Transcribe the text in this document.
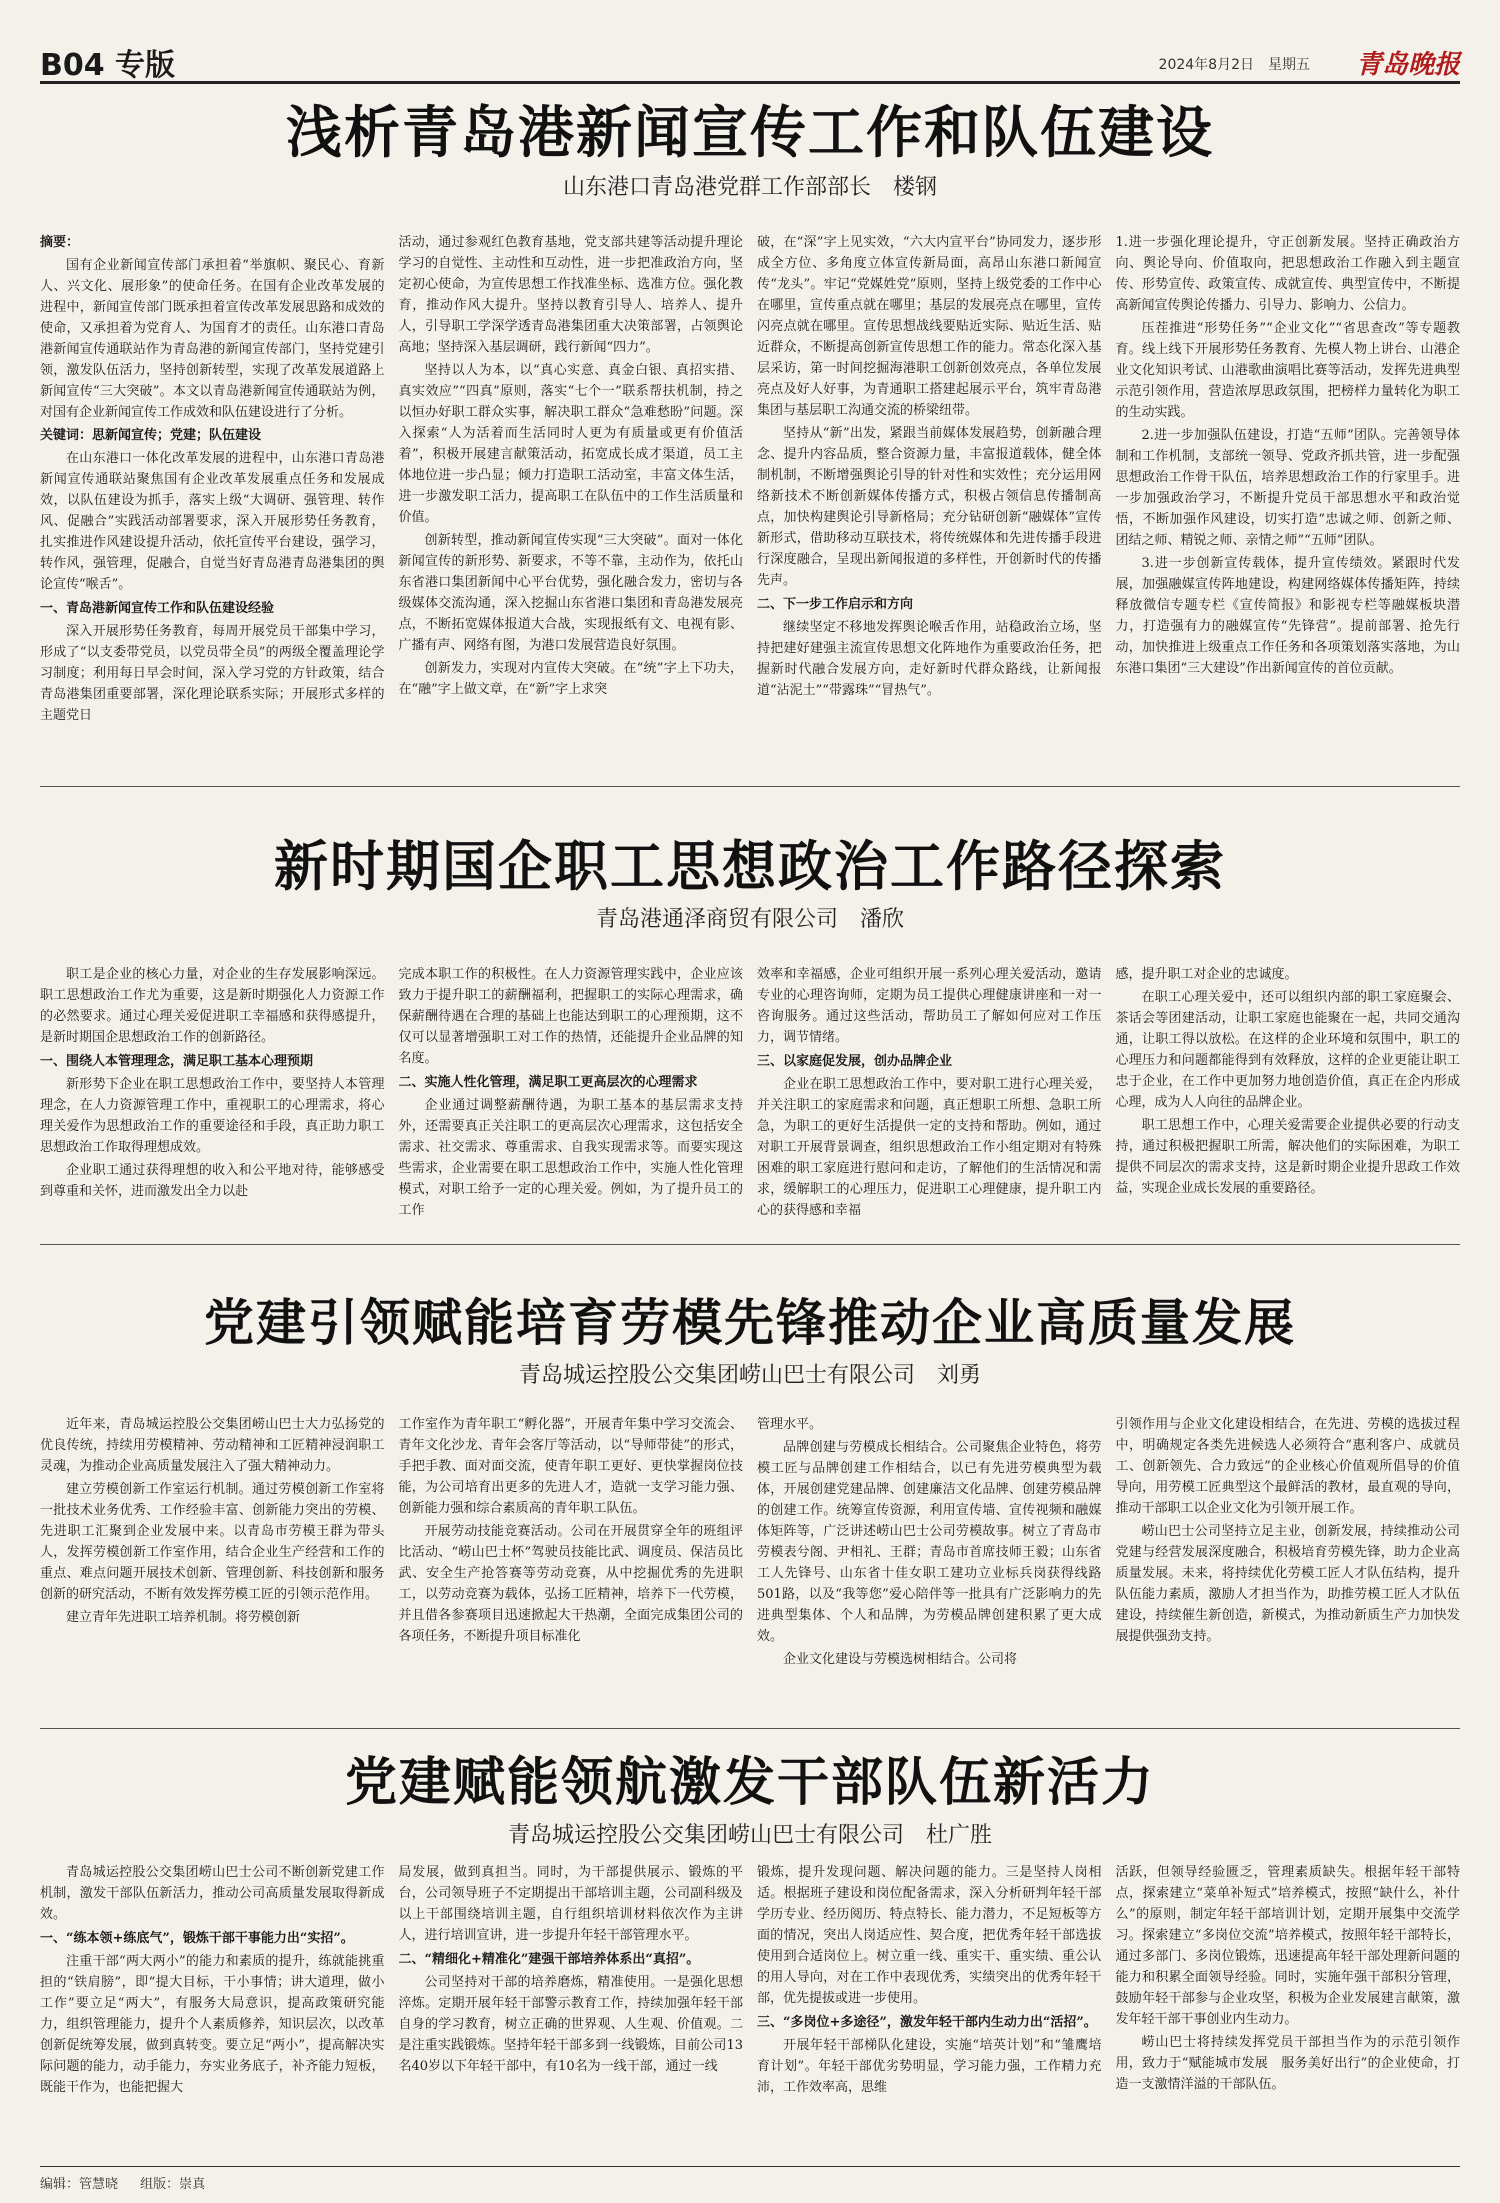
B04 专版	2024年8月2日　星期五 青岛晚报
浅析青岛港新闻宣传工作和队伍建设
山东港口青岛港党群工作部部长　楼钢

摘要：

国有企业新闻宣传部门承担着“举旗帜、聚民心、育新人、兴文化、展形象”的使命任务。在国有企业改革发展的进程中，新闻宣传部门既承担着宣传改革发展思路和成效的使命，又承担着为党育人、为国育才的责任。山东港口青岛港新闻宣传通联站作为青岛港的新闻宣传部门，坚持党建引领，激发队伍活力，坚持创新转型，实现了改革发展道路上新闻宣传“三大突破”。本文以青岛港新闻宣传通联站为例，对国有企业新闻宣传工作成效和队伍建设进行了分析。

关键词：思新闻宣传；党建；队伍建设

在山东港口一体化改革发展的进程中，山东港口青岛港新闻宣传通联站聚焦国有企业改革发展重点任务和发展成效，以队伍建设为抓手，落实上级“大调研、强管理、转作风、促融合”实践活动部署要求，深入开展形势任务教育，扎实推进作风建设提升活动，依托宣传平台建设，强学习，转作风，强管理，促融合，自觉当好青岛港青岛港集团的舆论宣传“喉舌”。

一、青岛港新闻宣传工作和队伍建设经验

深入开展形势任务教育，每周开展党员干部集中学习，形成了“以支委带党员，以党员带全员”的两级全覆盖理论学习制度；利用每日早会时间，深入学习党的方针政策，结合青岛港集团重要部署，深化理论联系实际；开展形式多样的主题党日

活动，通过参观红色教育基地，党支部共建等活动提升理论学习的自觉性、主动性和互动性，进一步把准政治方向，坚定初心使命，为宣传思想工作找准坐标、选准方位。强化教育，推动作风大提升。坚持以教育引导人、培养人、提升人，引导职工学深学透青岛港集团重大决策部署，占领舆论高地；坚持深入基层调研，践行新闻“四力”。

坚持以人为本，以“真心实意、真金白银、真招实措、真实效应”“四真”原则，落实“七个一”联系帮扶机制，持之以恒办好职工群众实事，解决职工群众“急难愁盼”问题。深入探索“人为活着而生活同时人更为有质量或更有价值活着”，积极开展建言献策活动，拓宽成长成才渠道，员工主体地位进一步凸显；倾力打造职工活动室，丰富文体生活，进一步激发职工活力，提高职工在队伍中的工作生活质量和价值。

创新转型，推动新闻宣传实现“三大突破”。面对一体化新闻宣传的新形势、新要求，不等不靠，主动作为，依托山东省港口集团新闻中心平台优势，强化融合发力，密切与各级媒体交流沟通，深入挖掘山东省港口集团和青岛港发展亮点，不断拓宽媒体报道大合战，实现报纸有文、电视有影、广播有声、网络有图，为港口发展营造良好氛围。

创新发力，实现对内宣传大突破。在“统”字上下功夫，在“融”字上做文章，在“新”字上求突

破，在“深”字上见实效，“六大内宣平台”协同发力，逐步形成全方位、多角度立体宣传新局面，高昂山东港口新闻宣传“龙头”。牢记“党媒姓党”原则，坚持上级党委的工作中心在哪里，宣传重点就在哪里；基层的发展亮点在哪里，宣传闪亮点就在哪里。宣传思想战线要贴近实际、贴近生活、贴近群众，不断提高创新宣传思想工作的能力。常态化深入基层采访，第一时间挖掘海港职工创新创效亮点，各单位发展亮点及好人好事，为青通职工搭建起展示平台，筑牢青岛港集团与基层职工沟通交流的桥梁纽带。

坚持从“新”出发，紧跟当前媒体发展趋势，创新融合理念、提升内容品质，整合资源力量，丰富报道载体，健全体制机制，不断增强舆论引导的针对性和实效性；充分运用网络新技术不断创新媒体传播方式，积极占领信息传播制高点，加快构建舆论引导新格局；充分钻研创新“融媒体”宣传新形式，借助移动互联技术，将传统媒体和先进传播手段进行深度融合，呈现出新闻报道的多样性，开创新时代的传播先声。

二、下一步工作启示和方向

继续坚定不移地发挥舆论喉舌作用，站稳政治立场，坚持把建好建强主流宣传思想文化阵地作为重要政治任务，把握新时代融合发展方向，走好新时代群众路线，让新闻报道“沾泥土”“带露珠”“冒热气”。

1.进一步强化理论提升，守正创新发展。坚持正确政治方向、舆论导向、价值取向，把思想政治工作融入到主题宣传、形势宣传、政策宣传、成就宣传、典型宣传中，不断提高新闻宣传舆论传播力、引导力、影响力、公信力。

压茬推进“形势任务”“企业文化”“省思查改”等专题教育。线上线下开展形势任务教育、先模人物上讲台、山港企业文化知识考试、山港歌曲演唱比赛等活动，发挥先进典型示范引领作用，营造浓厚思政氛围，把榜样力量转化为职工的生动实践。

2.进一步加强队伍建设，打造“五师”团队。完善领导体制和工作机制，支部统一领导、党政齐抓共管，进一步配强思想政治工作骨干队伍，培养思想政治工作的行家里手。进一步加强政治学习，不断提升党员干部思想水平和政治觉悟，不断加强作风建设，切实打造“忠诚之师、创新之师、团结之师、精锐之师、亲情之师”“五师”团队。

3.进一步创新宣传载体，提升宣传绩效。紧跟时代发展，加强融媒宣传阵地建设，构建网络媒体传播矩阵，持续释放微信专题专栏《宣传简报》和影视专栏等融媒板块潜力，打造强有力的融媒宣传“先锋营”。提前部署、抢先行动，加快推进上级重点工作任务和各项策划落实落地，为山东港口集团“三大建设”作出新闻宣传的首位贡献。

新时期国企职工思想政治工作路径探索
青岛港通泽商贸有限公司　潘欣

职工是企业的核心力量，对企业的生存发展影响深远。职工思想政治工作尤为重要，这是新时期强化人力资源工作的必然要求。通过心理关爱促进职工幸福感和获得感提升，是新时期国企思想政治工作的创新路径。

一、围绕人本管理理念，满足职工基本心理预期

新形势下企业在职工思想政治工作中，要坚持人本管理理念，在人力资源管理工作中，重视职工的心理需求，将心理关爱作为思想政治工作的重要途径和手段，真正助力职工思想政治工作取得理想成效。

企业职工通过获得理想的收入和公平地对待，能够感受到尊重和关怀，进而激发出全力以赴

完成本职工作的积极性。在人力资源管理实践中，企业应该致力于提升职工的薪酬福利，把握职工的实际心理需求，确保薪酬待遇在合理的基础上也能达到职工的心理预期，这不仅可以显著增强职工对工作的热情，还能提升企业品牌的知名度。

二、实施人性化管理，满足职工更高层次的心理需求

企业通过调整薪酬待遇，为职工基本的基层需求支持外，还需要真正关注职工的更高层次心理需求，这包括安全需求、社交需求、尊重需求、自我实现需求等。而要实现这些需求，企业需要在职工思想政治工作中，实施人性化管理模式，对职工给予一定的心理关爱。例如，为了提升员工的工作

效率和幸福感，企业可组织开展一系列心理关爱活动，邀请专业的心理咨询师，定期为员工提供心理健康讲座和一对一咨询服务。通过这些活动，帮助员工了解如何应对工作压力，调节情绪。

三、以家庭促发展，创办品牌企业

企业在职工思想政治工作中，要对职工进行心理关爱，并关注职工的家庭需求和问题，真正想职工所想、急职工所急，为职工的更好生活提供一定的支持和帮助。例如，通过对职工开展背景调查，组织思想政治工作小组定期对有特殊困难的职工家庭进行慰问和走访，了解他们的生活情况和需求，缓解职工的心理压力，促进职工心理健康，提升职工内心的获得感和幸福

感，提升职工对企业的忠诚度。

在职工心理关爱中，还可以组织内部的职工家庭聚会、茶话会等团建活动，让职工家庭也能聚在一起，共同交通沟通，让职工得以放松。在这样的企业环境和氛围中，职工的心理压力和问题都能得到有效释放，这样的企业更能让职工忠于企业，在工作中更加努力地创造价值，真正在企内形成心理，成为人人向往的品牌企业。

职工思想工作中，心理关爱需要企业提供必要的行动支持，通过积极把握职工所需，解决他们的实际困难，为职工提供不同层次的需求支持，这是新时期企业提升思政工作效益，实现企业成长发展的重要路径。

党建引领赋能培育劳模先锋推动企业高质量发展
青岛城运控股公交集团崂山巴士有限公司　刘勇

近年来，青岛城运控股公交集团崂山巴士大力弘扬党的优良传统，持续用劳模精神、劳动精神和工匠精神浸润职工灵魂，为推动企业高质量发展注入了强大精神动力。

建立劳模创新工作室运行机制。通过劳模创新工作室将一批技术业务优秀、工作经验丰富、创新能力突出的劳模、先进职工汇聚到企业发展中来。以青岛市劳模王群为带头人，发挥劳模创新工作室作用，结合企业生产经营和工作的重点、难点问题开展技术创新、管理创新、科技创新和服务创新的研究活动，不断有效发挥劳模工匠的引领示范作用。

建立青年先进职工培养机制。将劳模创新

工作室作为青年职工“孵化器”，开展青年集中学习交流会、青年文化沙龙、青年会客厅等活动，以“导师带徒”的形式，手把手教、面对面交流，使青年职工更好、更快掌握岗位技能，为公司培育出更多的先进人才，造就一支学习能力强、创新能力强和综合素质高的青年职工队伍。

开展劳动技能竞赛活动。公司在开展贯穿全年的班组评比活动、“崂山巴士杯”驾驶员技能比武、调度员、保洁员比武、安全生产抢答赛等劳动竞赛，从中挖掘优秀的先进职工，以劳动竞赛为载体，弘扬工匠精神，培养下一代劳模，并且借各参赛项目迅速掀起大干热潮，全面完成集团公司的各项任务，不断提升项目标准化

管理水平。

品牌创建与劳模成长相结合。公司聚焦企业特色，将劳模工匠与品牌创建工作相结合，以已有先进劳模典型为载体，开展创建党建品牌、创建廉洁文化品牌、创建劳模品牌的创建工作。统筹宣传资源，利用宣传墙、宣传视频和融媒体矩阵等，广泛讲述崂山巴士公司劳模故事。树立了青岛市劳模表兮阁、尹相礼、王群；青岛市首席技师王毅；山东省工人先锋号、山东省十佳女职工建功立业标兵岗获得线路501路，以及“我等您”爱心陪伴等一批具有广泛影响力的先进典型集体、个人和品牌，为劳模品牌创建积累了更大成效。

企业文化建设与劳模选树相结合。公司将

引领作用与企业文化建设相结合，在先进、劳模的选拔过程中，明确规定各类先进候选人必须符合“惠利客户、成就员工、创新领先、合力致远”的企业核心价值观所倡导的价值导向，用劳模工匠典型这个最鲜活的教材，最直观的导向，推动干部职工以企业文化为引领开展工作。

崂山巴士公司坚持立足主业，创新发展，持续推动公司党建与经营发展深度融合，积极培育劳模先锋，助力企业高质量发展。未来，将持续优化劳模工匠人才队伍结构，提升队伍能力素质，激励人才担当作为，助推劳模工匠人才队伍建设，持续催生新创造，新模式，为推动新质生产力加快发展提供强劲支持。

党建赋能领航激发干部队伍新活力
青岛城运控股公交集团崂山巴士有限公司　杜广胜

青岛城运控股公交集团崂山巴士公司不断创新党建工作机制，激发干部队伍新活力，推动公司高质量发展取得新成效。

一、“练本领+练底气”，锻炼干部干事能力出“实招”。

注重干部“两大两小”的能力和素质的提升，练就能挑重担的“铁肩膀”，即“提大目标，干小事情；讲大道理，做小工作”要立足“两大”，有服务大局意识，提高政策研究能力，组织管理能力，提升个人素质修养，知识层次，以改革创新促统筹发展，做到真转变。要立足“两小”，提高解决实际问题的能力，动手能力，夯实业务底子，补齐能力短板，既能干作为，也能把握大

局发展，做到真担当。同时，为干部提供展示、锻炼的平台，公司领导班子不定期提出干部培训主题，公司副科级及以上干部围绕培训主题，自行组织培训材料依次作为主讲人，进行培训宣讲，进一步提升年轻干部管理水平。

二、“精细化+精准化”建强干部培养体系出“真招”。

公司坚持对干部的培养磨炼，精准使用。一是强化思想淬炼。定期开展年轻干部警示教育工作，持续加强年轻干部自身的学习教育，树立正确的世界观、人生观、价值观。二是注重实践锻炼。坚持年轻干部多到一线锻炼，目前公司13名40岁以下年轻干部中，有10名为一线干部，通过一线

锻炼，提升发现问题、解决问题的能力。三是坚持人岗相适。根据班子建设和岗位配备需求，深入分析研判年轻干部学历专业、经历阅历、特点特长、能力潜力，不足短板等方面的情况，突出人岗适应性、契合度，把优秀年轻干部选拔使用到合适岗位上。树立重一线、重实干、重实绩、重公认的用人导向，对在工作中表现优秀，实绩突出的优秀年轻干部，优先提拔或进一步使用。

三、“多岗位+多途径”，激发年轻干部内生动力出“活招”。

开展年轻干部梯队化建设，实施“培英计划”和“雏鹰培育计划”。年轻干部优劣势明显，学习能力强，工作精力充沛，工作效率高，思维

活跃，但领导经验匮乏，管理素质缺失。根据年轻干部特点，探索建立“菜单补短式”培养模式，按照“缺什么，补什么”的原则，制定年轻干部培训计划，定期开展集中交流学习。探索建立“多岗位交流”培养模式，按照年轻干部特长，通过多部门、多岗位锻炼，迅速提高年轻干部处理新问题的能力和积累全面领导经验。同时，实施年强干部积分管理，鼓励年轻干部参与企业攻坚，积极为企业发展建言献策，激发年轻干部干事创业内生动力。

崂山巴士将持续发挥党员干部担当作为的示范引领作用，致力于“赋能城市发展　服务美好出行”的企业使命，打造一支激情洋溢的干部队伍。

编辑：管慧晓 组版：崇真
